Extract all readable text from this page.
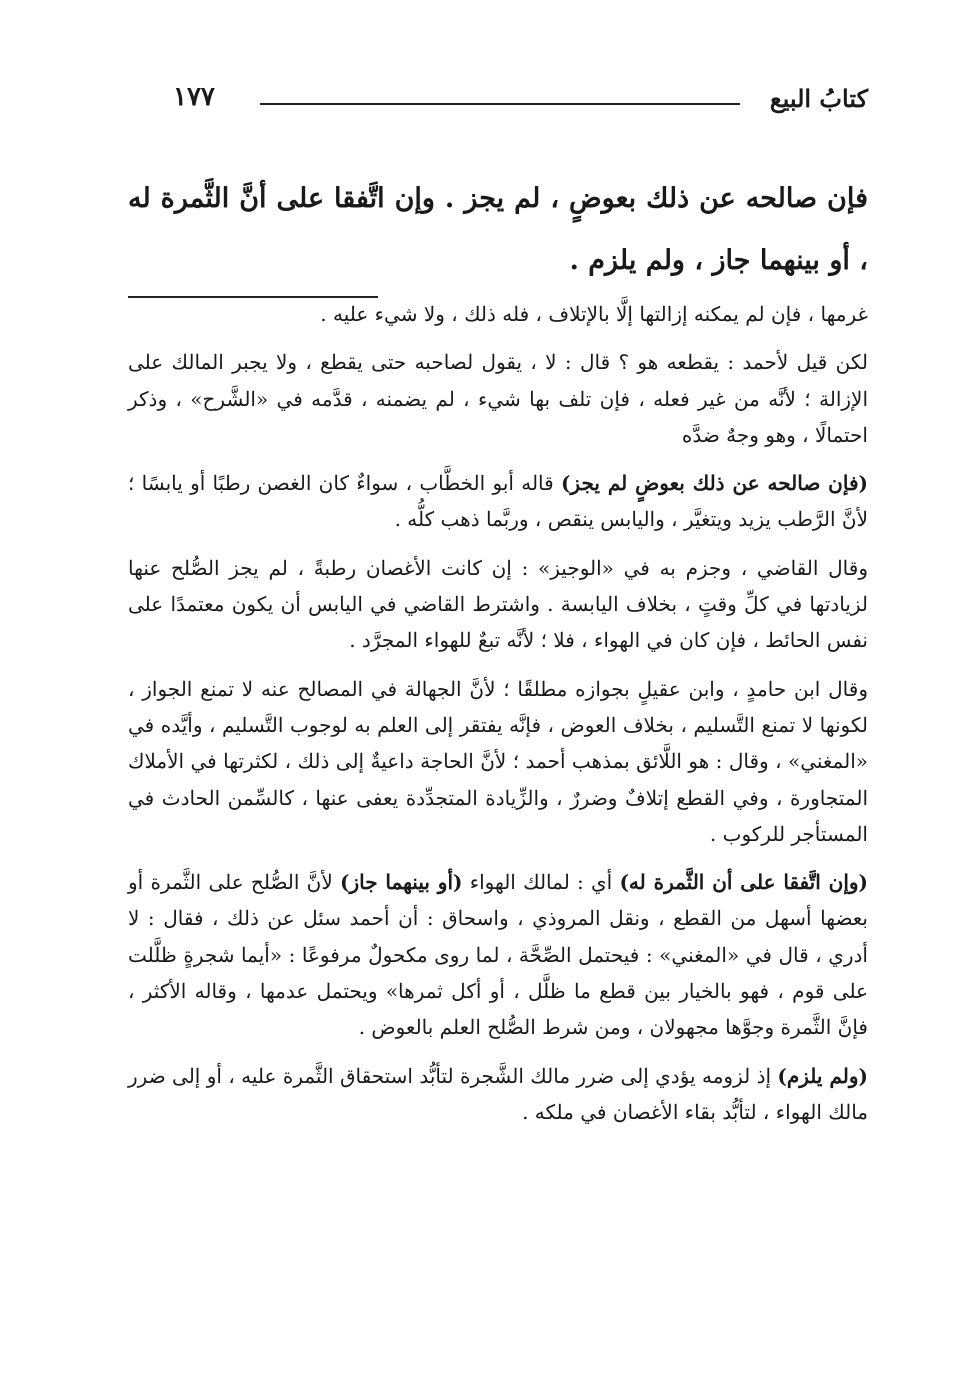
كتابُ البيع
١٧٧
فإن صالحه عن ذلك بعوضٍ ، لم يجز . وإن اتَّفقا على أنَّ الثَّمرة له ، أو بينهما جاز ، ولم يلزم .

غرمها ، فإن لم يمكنه إزالتها إلَّا بالإتلاف ، فله ذلك ، ولا شيء عليه .

لكن قيل لأحمد : يقطعه هو ؟ قال : لا ، يقول لصاحبه حتى يقطع ، ولا يجبر المالك على الإزالة ؛ لأنَّه من غير فعله ، فإن تلف بها شيء ، لم يضمنه ، قدَّمه في «الشَّرح» ، وذكر احتمالًا ، وهو وجهٌ ضدَّه

(فإن صالحه عن ذلك بعوضٍ لم يجز) قاله أبو الخطَّاب ، سواءٌ كان الغصن رطبًا أو يابسًا ؛ لأنَّ الرَّطب يزيد ويتغيَّر ، واليابس ينقص ، وربَّما ذهب كلُّه .

وقال القاضي ، وجزم به في «الوجيز» : إن كانت الأغصان رطبةً ، لم يجز الصُّلح عنها لزيادتها في كلِّ وقتٍ ، بخلاف اليابسة . واشترط القاضي في اليابس أن يكون معتمدًا على نفس الحائط ، فإن كان في الهواء ، فلا ؛ لأنَّه تبعٌ للهواء المجرَّد .

وقال ابن حامدٍ ، وابن عقيلٍ بجوازه مطلقًا ؛ لأنَّ الجهالة في المصالح عنه لا تمنع الجواز ، لكونها لا تمنع التَّسليم ، بخلاف العوض ، فإنَّه يفتقر إلى العلم به لوجوب التَّسليم ، وأيَّده في «المغني» ، وقال : هو اللَّائق بمذهب أحمد ؛ لأنَّ الحاجة داعيةٌ إلى ذلك ، لكثرتها في الأملاك المتجاورة ، وفي القطع إتلافٌ وضررٌ ، والزِّيادة المتجدِّدة يعفى عنها ، كالسِّمن الحادث في المستأجر للركوب .

(وإن اتَّفقا على أن الثَّمرة له) أي : لمالك الهواء (أو بينهما جاز) لأنَّ الصُّلح على الثَّمرة أو بعضها أسهل من القطع ، ونقل المروذي ، واسحاق : أن أحمد سئل عن ذلك ، فقال : لا أدري ، قال في «المغني» : فيحتمل الصِّحَّة ، لما روى مكحولٌ مرفوعًا : «أيما شجرةٍ ظلَّلت على قوم ، فهو بالخيار بين قطع ما ظلَّل ، أو أكل ثمرها» ويحتمل عدمها ، وقاله الأكثر ، فإنَّ الثَّمرة وجوَّها مجهولان ، ومن شرط الصُّلح العلم بالعوض .

(ولم يلزم) إذ لزومه يؤدي إلى ضرر مالك الشَّجرة لتأبُّد استحقاق الثَّمرة عليه ، أو إلى ضرر مالك الهواء ، لتأبُّد بقاء الأغصان في ملكه .
